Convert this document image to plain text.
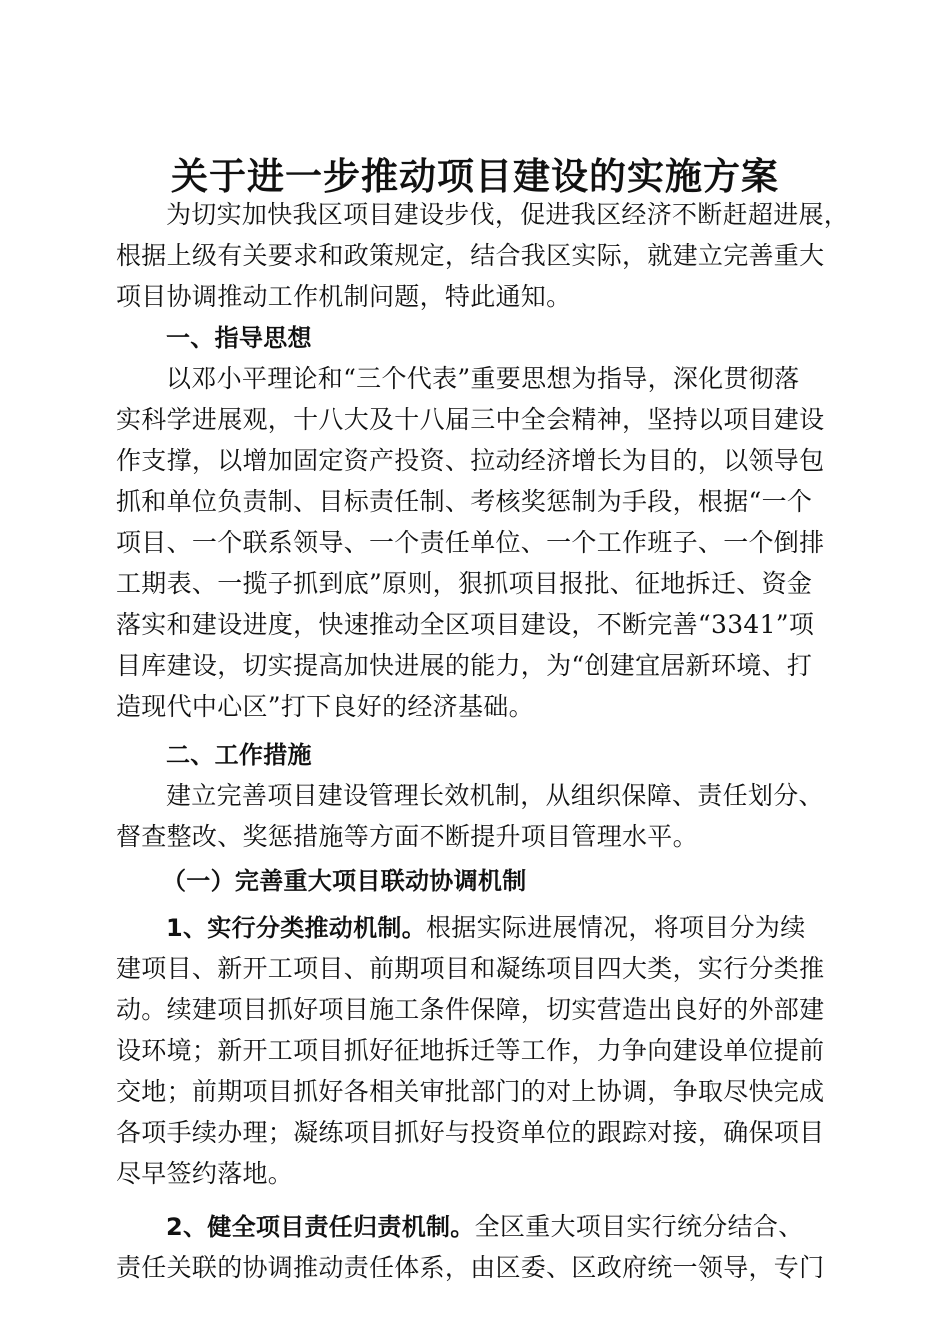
关于进一步推动项目建设的实施方案
为切实加快我区项目建设步伐，促进我区经济不断赶超进展，
根据上级有关要求和政策规定，结合我区实际，就建立完善重大
项目协调推动工作机制问题，特此通知。
一、指导思想
以邓小平理论和“三个代表”重要思想为指导，深化贯彻落
实科学进展观，十八大及十八届三中全会精神，坚持以项目建设
作支撑，以增加固定资产投资、拉动经济增长为目的，以领导包
抓和单位负责制、目标责任制、考核奖惩制为手段，根据“一个
项目、一个联系领导、一个责任单位、一个工作班子、一个倒排
工期表、一揽子抓到底”原则，狠抓项目报批、征地拆迁、资金
落实和建设进度，快速推动全区项目建设，不断完善“3341”项
目库建设，切实提高加快进展的能力，为“创建宜居新环境、打
造现代中心区”打下良好的经济基础。
二、工作措施
建立完善项目建设管理长效机制，从组织保障、责任划分、
督查整改、奖惩措施等方面不断提升项目管理水平。
（一）完善重大项目联动协调机制
1、实行分类推动机制。根据实际进展情况，将项目分为续
建项目、新开工项目、前期项目和凝练项目四大类，实行分类推
动。续建项目抓好项目施工条件保障，切实营造出良好的外部建
设环境；新开工项目抓好征地拆迁等工作，力争向建设单位提前
交地；前期项目抓好各相关审批部门的对上协调，争取尽快完成
各项手续办理；凝练项目抓好与投资单位的跟踪对接，确保项目
尽早签约落地。
2、健全项目责任归责机制。全区重大项目实行统分结合、
责任关联的协调推动责任体系，由区委、区政府统一领导，专门
